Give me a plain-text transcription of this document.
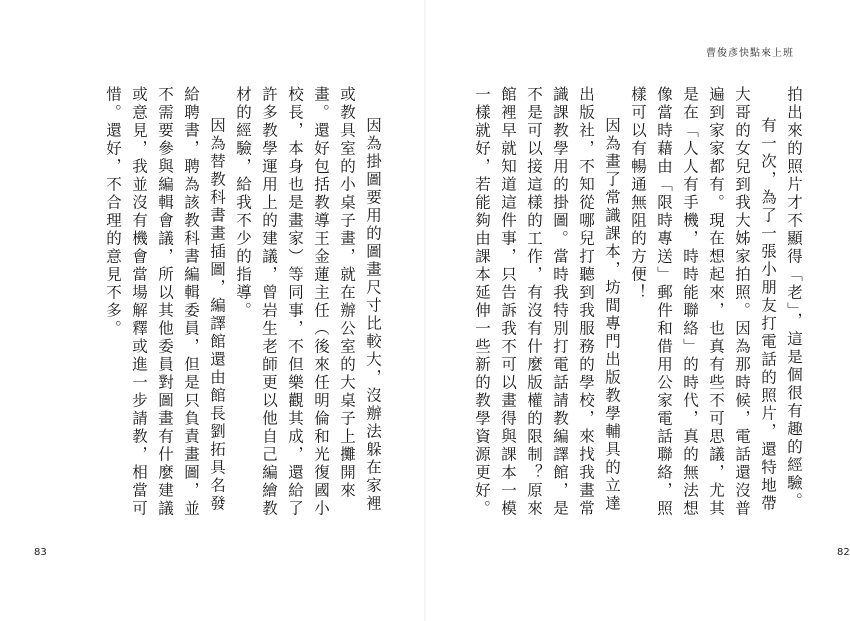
因為掛圖要用的圖畫尺寸比較大，沒辦法躲在家裡或教具室的小桌子畫，就在辦公室的大桌子上攤開來畫。還好包括教導王金蓮主任（後來任明倫和光復國小校長，本身也是畫家）等同事，不但樂觀其成，還給了許多教學運用上的建議，曾岩生老師更以他自己編繪教材的經驗，給我不少的指導。

因為替教科書畫插圖，編譯館還由館長劉拓具名發給聘書，聘為該教科書編輯委員，但是只負責畫圖，並不需要參與編輯會議，所以其他委員對圖畫有什麼建議或意見，我並沒有機會當場解釋或進一步請教，相當可惜。還好，不合理的意見不多。

83
曹俊彥快點來上班

拍出來的照片才不顯得「老」，這是個很有趣的經驗。

有一次，為了一張小朋友打電話的照片，還特地帶大哥的女兒到我大姊家拍照。因為那時候，電話還沒普遍到家家都有。現在想起來，也真有些不可思議，尤其是在「人人有手機，時時能聯絡」的時代，真的無法想像當時藉由「限時專送」郵件和借用公家電話聯絡，照樣可以有暢通無阻的方便！

因為畫了常識課本，坊間專門出版教學輔具的立達出版社，不知從哪兒打聽到我服務的學校，來找我畫常識課教學用的掛圖。當時我特別打電話請教編譯館，是不是可以接這樣的工作，有沒有什麼版權的限制？原來館裡早就知道這件事，只告訴我不可以畫得與課本一模一樣就好，若能夠由課本延伸一些新的教學資源更好。

82
